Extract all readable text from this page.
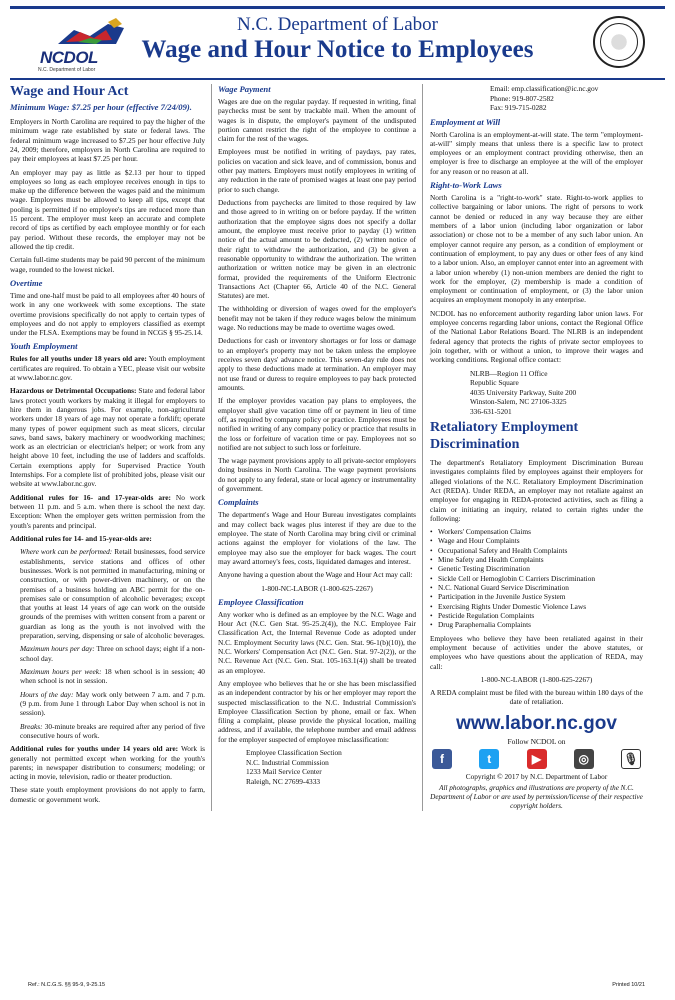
NCDOL
N.C. Department of Labor
N.C. Department of Labor
Wage and Hour Notice to Employees
Wage and Hour Act
Minimum Wage: $7.25 per hour (effective 7/24/09).

Employers in North Carolina are required to pay the higher of the minimum wage rate established by state or federal laws. The federal minimum wage increased to $7.25 per hour effective July 24, 2009; therefore, employers in North Carolina are required to pay their employees at least $7.25 per hour.

An employer may pay as little as $2.13 per hour to tipped employees so long as each employee receives enough in tips to make up the difference between the wages paid and the minimum wage. Employees must be allowed to keep all tips, except that pooling is permitted if no employee's tips are reduced more than 15 percent. The employer must keep an accurate and complete record of tips as certified by each employee monthly or for each pay period. Without these records, the employer may not be allowed the tip credit.

Certain full-time students may be paid 90 percent of the minimum wage, rounded to the lowest nickel.

Overtime

Time and one-half must be paid to all employees after 40 hours of work in any one workweek with some exceptions. The state overtime provisions specifically do not apply to certain types of employees and do not apply to employers classified as exempt under the FLSA. Exemptions may be found in NCGS § 95-25.14.

Youth Employment

Rules for all youths under 18 years old are: Youth employment certificates are required. To obtain a YEC, please visit our website at www.labor.nc.gov.

Hazardous or Detrimental Occupations: State and federal labor laws protect youth workers by making it illegal for employers to hire them in dangerous jobs. For example, non-agricultural workers under 18 years of age may not operate a forklift; operate many types of power equipment such as meat slicers, circular saws, band saws, bakery machinery or woodworking machines; work as an electrician or electrician's helper; or work from any height above 10 feet, including the use of ladders and scaffolds. Certain exemptions apply for Supervised Practice Youth Internships. For a complete list of prohibited jobs, please visit our website at www.labor.nc.gov.

Additional rules for 16- and 17-year-olds are: No work between 11 p.m. and 5 a.m. when there is school the next day. Exception: When the employer gets written permission from the youth's parents and principal.

Additional rules for 14- and 15-year-olds are:

Where work can be performed: Retail businesses, food service establishments, service stations and offices of other businesses. Work is not permitted in manufacturing, mining or construction, or with power-driven machinery, or on the premises of a business holding an ABC permit for the on-premises sale or consumption of alcoholic beverages; except that youths at least 14 years of age can work on the outside grounds of the premises with written consent from a parent or guardian as long as the youth is not involved with the preparation, serving, dispensing or sale of alcoholic beverages.

Maximum hours per day: Three on school days; eight if a non-school day.

Maximum hours per week: 18 when school is in session; 40 when school is not in session.

Hours of the day: May work only between 7 a.m. and 7 p.m. (9 p.m. from June 1 through Labor Day when school is not in session).

Breaks: 30-minute breaks are required after any period of five consecutive hours of work.

Additional rules for youths under 14 years old are: Work is generally not permitted except when working for the youth's parents; in newspaper distribution to consumers; modeling; or acting in movie, television, radio or theater production.

These state youth employment provisions do not apply to farm, domestic or government work.

Wage Payment

Wages are due on the regular payday. If requested in writing, final paychecks must be sent by trackable mail. When the amount of wages is in dispute, the employer's payment of the undisputed portion cannot restrict the right of the employee to continue a claim for the rest of the wages.

Employees must be notified in writing of paydays, pay rates, policies on vacation and sick leave, and of commission, bonus and other pay matters. Employers must notify employees in writing of any reduction in the rate of promised wages at least one pay period prior to such change.

Deductions from paychecks are limited to those required by law and those agreed to in writing on or before payday. If the written authorization that the employee signs does not specify a dollar amount, the employee must receive prior to payday (1) written notice of the actual amount to be deducted, (2) written notice of their right to withdraw the authorization, and (3) be given a reasonable opportunity to withdraw the authorization. The written authorization or written notice may be given in an electronic format, provided the requirements of the Uniform Electronic Transactions Act (Chapter 66, Article 40 of the N.C. General Statutes) are met.

The withholding or diversion of wages owed for the employer's benefit may not be taken if they reduce wages below the minimum wage. No reductions may be made to overtime wages owed.

Deductions for cash or inventory shortages or for loss or damage to an employer's property may not be taken unless the employee receives seven days' advance notice. This seven-day rule does not apply to these deductions made at termination. An employer may not use fraud or duress to require employees to pay back protected amounts.

If the employer provides vacation pay plans to employees, the employer shall give vacation time off or payment in lieu of time off, as required by company policy or practice. Employees must be notified in writing of any company policy or practice that results in the loss or forfeiture of vacation time or pay. Employees not so notified are not subject to such loss or forfeiture.

The wage payment provisions apply to all private-sector employers doing business in North Carolina. The wage payment provisions do not apply to any federal, state or local agency or instrumentality of government.

Complaints

The department's Wage and Hour Bureau investigates complaints and may collect back wages plus interest if they are due to the employee. The state of North Carolina may bring civil or criminal actions against the employer for violations of the law. The employee may also sue the employer for back wages. The court may award attorney's fees, costs, liquidated damages and interest.

Anyone having a question about the Wage and Hour Act may call:

1-800-NC-LABOR (1-800-625-2267)

Employee Classification

Any worker who is defined as an employee by the N.C. Wage and Hour Act (N.C. Gen Stat. 95-25.2(4)), the N.C. Employee Fair Classification Act, the Internal Revenue Code as adopted under N.C. Employment Security laws (N.C. Gen. Stat. 96-1(b)(10)), the N.C. Workers' Compensation Act (N.C. Gen. Stat. 97-2(2)), or the N.C. Revenue Act (N.C. Gen. Stat. 105-163.1(4)) shall be treated as an employee.

Any employee who believes that he or she has been misclassified as an independent contractor by his or her employer may report the suspected misclassification to the N.C. Industrial Commission's Employee Classification Section by phone, email or fax. When filing a complaint, please provide the physical location, mailing address, and if available, the telephone number and email address for the employer suspected of employee misclassification:

Employee Classification Section
N.C. Industrial Commission
1233 Mail Service Center
Raleigh, NC 27699-4333
Email: emp.classification@ic.nc.gov
Phone: 919-807-2582
Fax: 919-715-0282
Employment at Will

North Carolina is an employment-at-will state. The term "employment-at-will" simply means that unless there is a specific law to protect employees or an employment contract providing otherwise, then an employer is free to discharge an employee at the will of the employer for any reason or no reason at all.

Right-to-Work Laws

North Carolina is a "right-to-work" state. Right-to-work applies to collective bargaining or labor unions. The right of persons to work cannot be denied or reduced in any way because they are either members of a labor union (including labor organization or labor association) or chose not to be a member of any such labor union. An employer cannot require any person, as a condition of employment or continuation of employment, to pay any dues or other fees of any kind to a labor union. Also, an employer cannot enter into an agreement with a labor union whereby (1) non-union members are denied the right to work for the employer, (2) membership is made a condition of employment or continuation of employment, or (3) the labor union acquires an employment monopoly in any enterprise.

NCDOL has no enforcement authority regarding labor union laws. For employee concerns regarding labor unions, contact the Regional Office of the National Labor Relations Board. The NLRB is an independent federal agency that protects the rights of private sector employees to join together, with or without a union, to improve their wages and working conditions. Regional office contact:

NLRB—Region 11 Office
Republic Square
4035 University Parkway, Suite 200
Winston-Salem, NC 27106-3325
336-631-5201
Retaliatory Employment Discrimination

The department's Retaliatory Employment Discrimination Bureau investigates complaints filed by employees against their employers for alleged violations of the N.C. Retaliatory Employment Discrimination Act (REDA). Under REDA, an employer may not retaliate against an employee for engaging in REDA-protected activities, such as filing a claim or initiating an inquiry, related to certain rights under the following:

• Workers' Compensation Claims
• Wage and Hour Complaints
• Occupational Safety and Health Complaints
• Mine Safety and Health Complaints
• Genetic Testing Discrimination
• Sickle Cell or Hemoglobin C Carriers Discrimination
• N.C. National Guard Service Discrimination
• Participation in the Juvenile Justice System
• Exercising Rights Under Domestic Violence Laws
• Pesticide Regulation Complaints
• Drug Paraphernalia Complaints

Employees who believe they have been retaliated against in their employment because of activities under the above statutes, or employees who have questions about the application of REDA, may call:

1-800-NC-LABOR (1-800-625-2267)

A REDA complaint must be filed with the bureau within 180 days of the date of retaliation.

www.labor.nc.gov
Follow NCDOL on
f	t	▶	◎	🎙
Copyright © 2017 by N.C. Department of Labor
All photographs, graphics and illustrations are property of the N.C. Department of Labor or are used by permission/license of their respective copyright holders.
Ref.: N.C.G.S. §§ 95-9, 9-25.15	Printed 10/21
